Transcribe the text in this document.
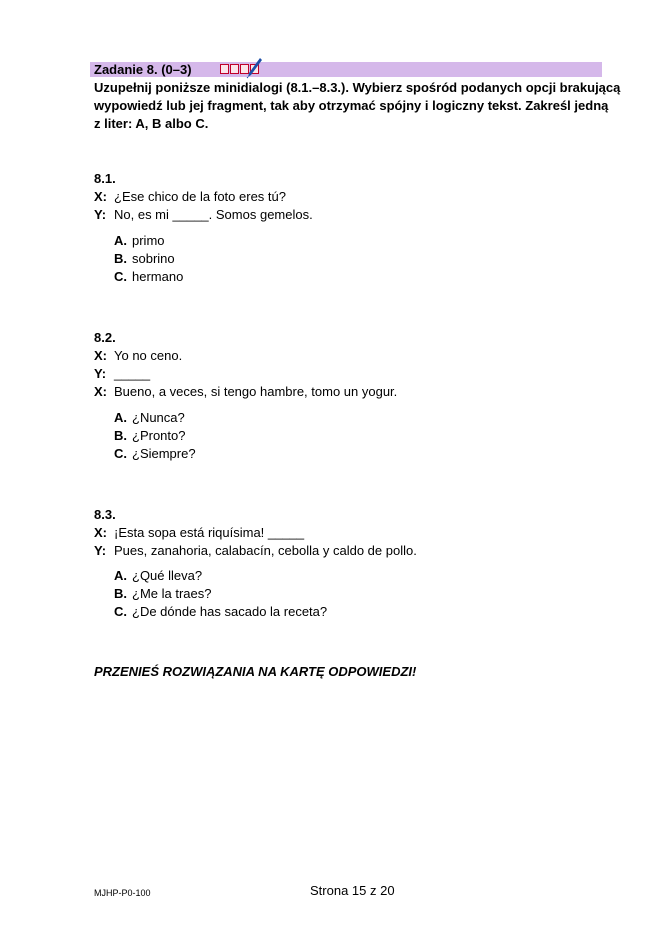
Zadanie 8. (0–3)

Uzupełnij poniższe minidialogi (8.1.–8.3.). Wybierz spośród podanych opcji brakującą

wypowiedź lub jej fragment, tak aby otrzymać spójny i logiczny tekst. Zakreśl jedną

z liter: A, B albo C.

8.1.
X: ¿Ese chico de la foto eres tú?
Y: No, es mi _____. Somos gemelos.
A. primo
B. sobrino
C. hermano
8.2.
X: Yo no ceno.
Y: _____
X: Bueno, a veces, si tengo hambre, tomo un yogur.
A. ¿Nunca?
B. ¿Pronto?
C. ¿Siempre?
8.3.
X: ¡Esta sopa está riquísima! _____
Y: Pues, zanahoria, calabacín, cebolla y caldo de pollo.
A. ¿Qué lleva?
B. ¿Me la traes?
C. ¿De dónde has sacado la receta?
PRZENIEŚ ROZWIĄZANIA NA KARTĘ ODPOWIEDZI!
MJHP-P0-100	Strona 15 z 20
